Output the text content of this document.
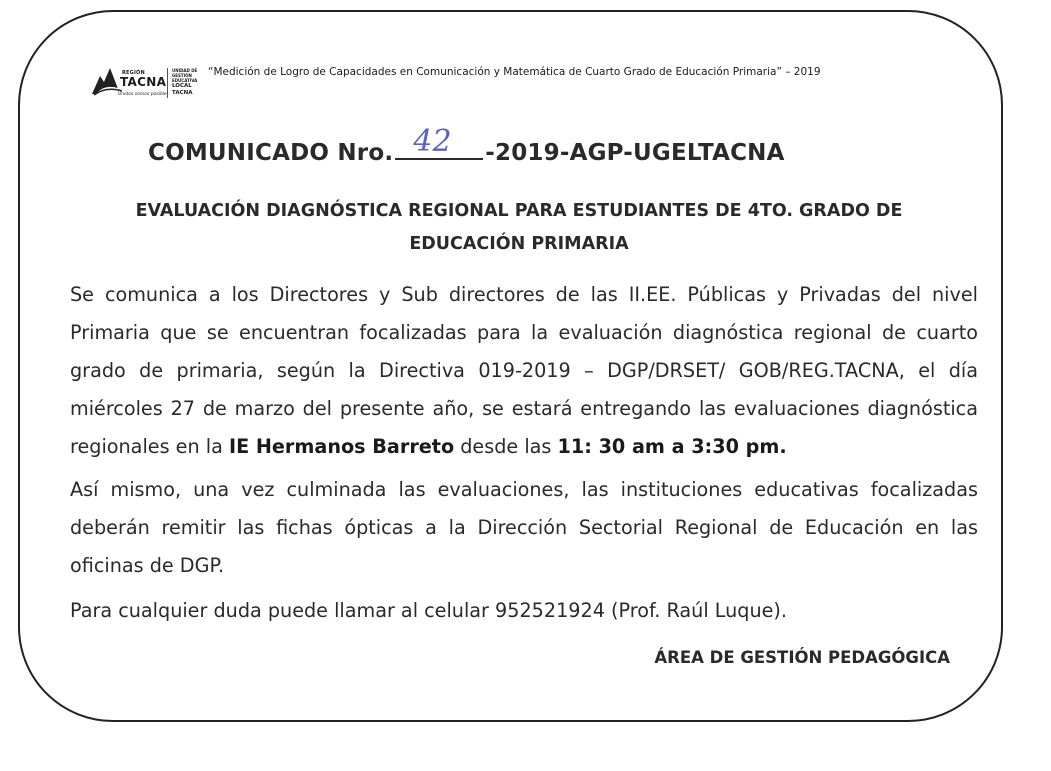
REGIÓN
TACNA
Unidos somos posible
UNIDAD DE
GESTIÓN
EDUCATIVA
LOCAL TACNA
“Medición de Logro de Capacidades en Comunicación y Matemática de Cuarto Grado de Educación Primaria” – 2019
COMUNICADO Nro. 42 -2019-AGP-UGELTACNA
EVALUACIÓN DIAGNÓSTICA REGIONAL PARA ESTUDIANTES DE 4TO. GRADO DE
EDUCACIÓN PRIMARIA
Se comunica a los Directores y Sub directores de las II.EE. Públicas y Privadas del nivel Primaria que se encuentran focalizadas para la evaluación diagnóstica regional de cuarto grado de primaria, según la Directiva 019-2019 – DGP/DRSET/ GOB/REG.TACNA, el día miércoles 27 de marzo del presente año, se estará entregando las evaluaciones diagnóstica regionales en la IE Hermanos Barreto desde las 11: 30 am a 3:30 pm.
Así mismo, una vez culminada las evaluaciones, las instituciones educativas focalizadas deberán remitir las fichas ópticas a la Dirección Sectorial Regional de Educación en las oficinas de DGP.
Para cualquier duda puede llamar al celular 952521924 (Prof. Raúl Luque).
ÁREA DE GESTIÓN PEDAGÓGICA
